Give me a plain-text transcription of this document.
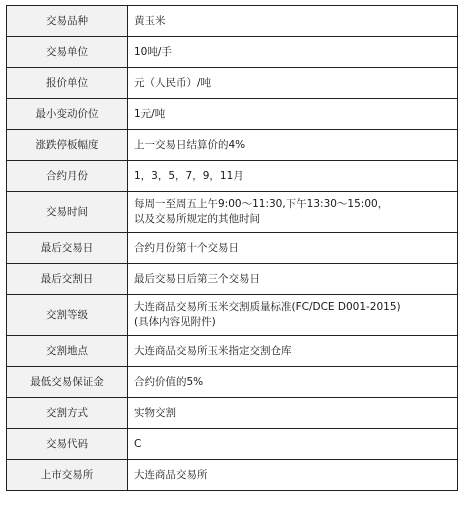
交易品种	黄玉米
交易单位	10吨/手
报价单位	元（人民币）/吨
最小变动价位	1元/吨
涨跌停板幅度	上一交易日结算价的4%
合约月份	1，3，5，7，9，11月
交易时间	每周一至周五上午9:00～11:30,下午13:30～15:00，
以及交易所规定的其他时间

最后交易日	合约月份第十个交易日
最后交割日	最后交易日后第三个交易日
交割等级	大连商品交易所玉米交割质量标准(FC/DCE D001-2015)
(具体内容见附件)

交割地点	大连商品交易所玉米指定交割仓库
最低交易保证金	合约价值的5%
交割方式	实物交割
交易代码	C
上市交易所	大连商品交易所
